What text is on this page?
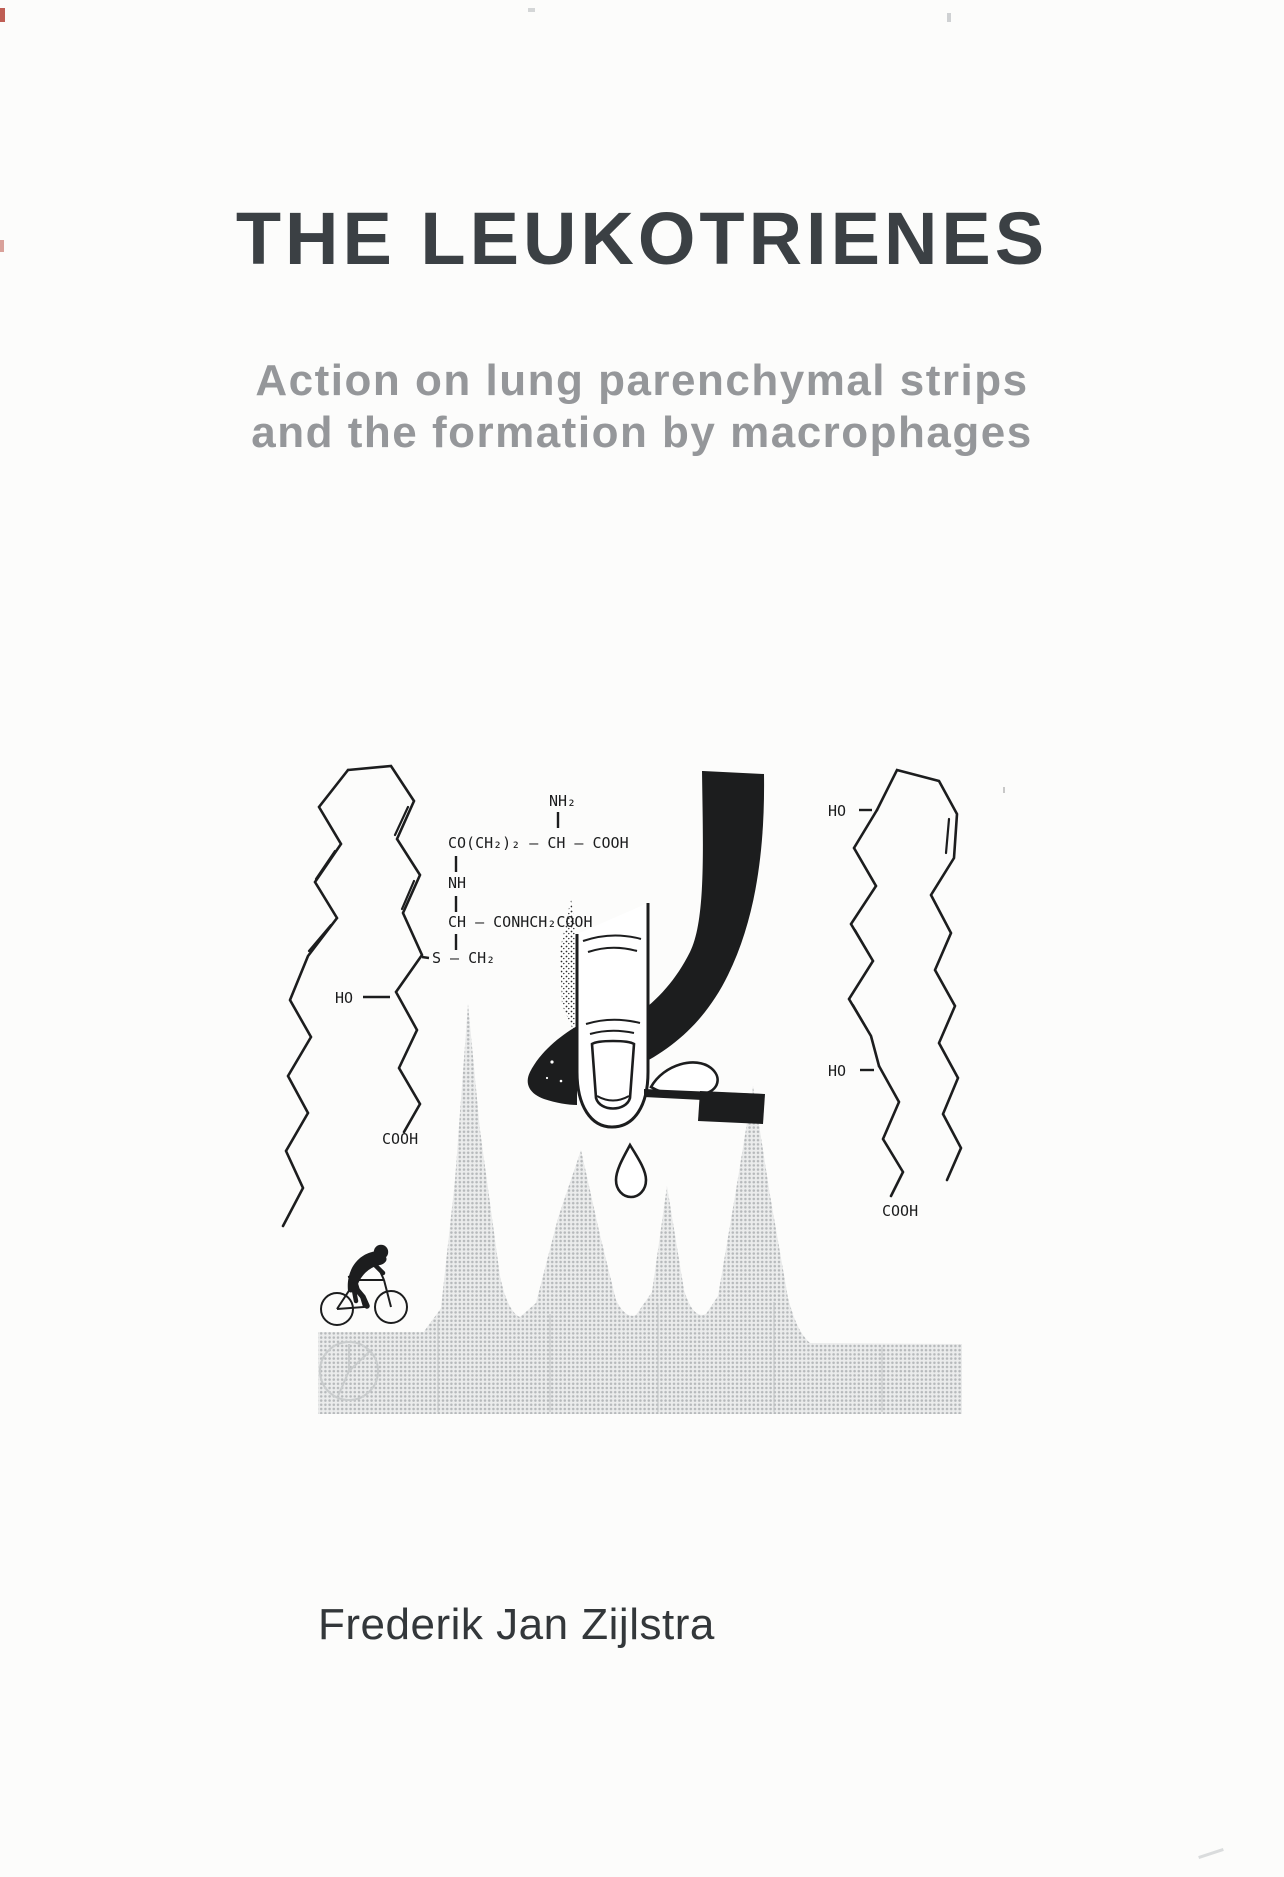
THE LEUKOTRIENES
Action on lung parenchymal strips
and the formation by macrophages
NH₂
CO(CH₂)₂ – CH – COOH
NH
CH – CONHCH₂COOH
S – CH₂
HO
COOH
HO
HO
COOH
Frederik Jan Zijlstra
